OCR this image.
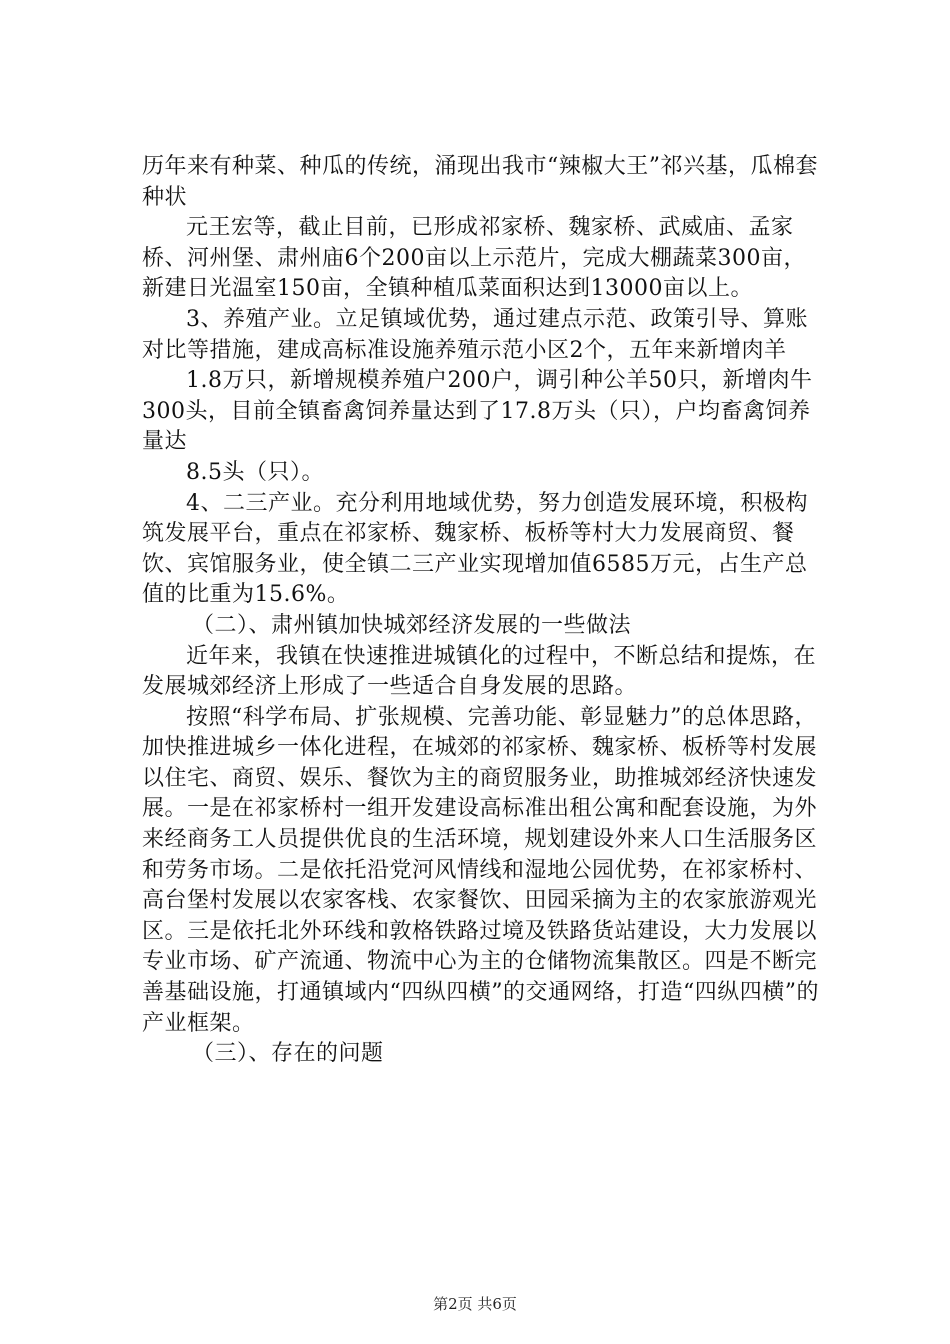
历年来有种菜、种瓜的传统，涌现出我市“辣椒大王”祁兴基，瓜棉套种状

元王宏等，截止目前，已形成祁家桥、魏家桥、武威庙、孟家桥、河州堡、肃州庙6个200亩以上示范片，完成大棚蔬菜300亩，新建日光温室150亩，全镇种植瓜菜面积达到13000亩以上。

3、养殖产业。立足镇域优势，通过建点示范、政策引导、算账对比等措施，建成高标准设施养殖示范小区2个，五年来新增肉羊

1.8万只，新增规模养殖户200户，调引种公羊50只，新增肉牛300头，目前全镇畜禽饲养量达到了17.8万头（只），户均畜禽饲养量达

8.5头（只）。

4、二三产业。充分利用地域优势，努力创造发展环境，积极构筑发展平台，重点在祁家桥、魏家桥、板桥等村大力发展商贸、餐饮、宾馆服务业，使全镇二三产业实现增加值6585万元，占生产总值的比重为15.6%。

（二）、肃州镇加快城郊经济发展的一些做法

近年来，我镇在快速推进城镇化的过程中，不断总结和提炼，在发展城郊经济上形成了一些适合自身发展的思路。

按照“科学布局、扩张规模、完善功能、彰显魅力”的总体思路，加快推进城乡一体化进程，在城郊的祁家桥、魏家桥、板桥等村发展以住宅、商贸、娱乐、餐饮为主的商贸服务业，助推城郊经济快速发展。一是在祁家桥村一组开发建设高标准出租公寓和配套设施，为外来经商务工人员提供优良的生活环境，规划建设外来人口生活服务区和劳务市场。二是依托沿党河风情线和湿地公园优势，在祁家桥村、高台堡村发展以农家客栈、农家餐饮、田园采摘为主的农家旅游观光区。三是依托北外环线和敦格铁路过境及铁路货站建设，大力发展以专业市场、矿产流通、物流中心为主的仓储物流集散区。四是不断完善基础设施，打通镇域内“四纵四横”的交通网络，打造“四纵四横”的产业框架。

（三）、存在的问题

第2页 共6页
